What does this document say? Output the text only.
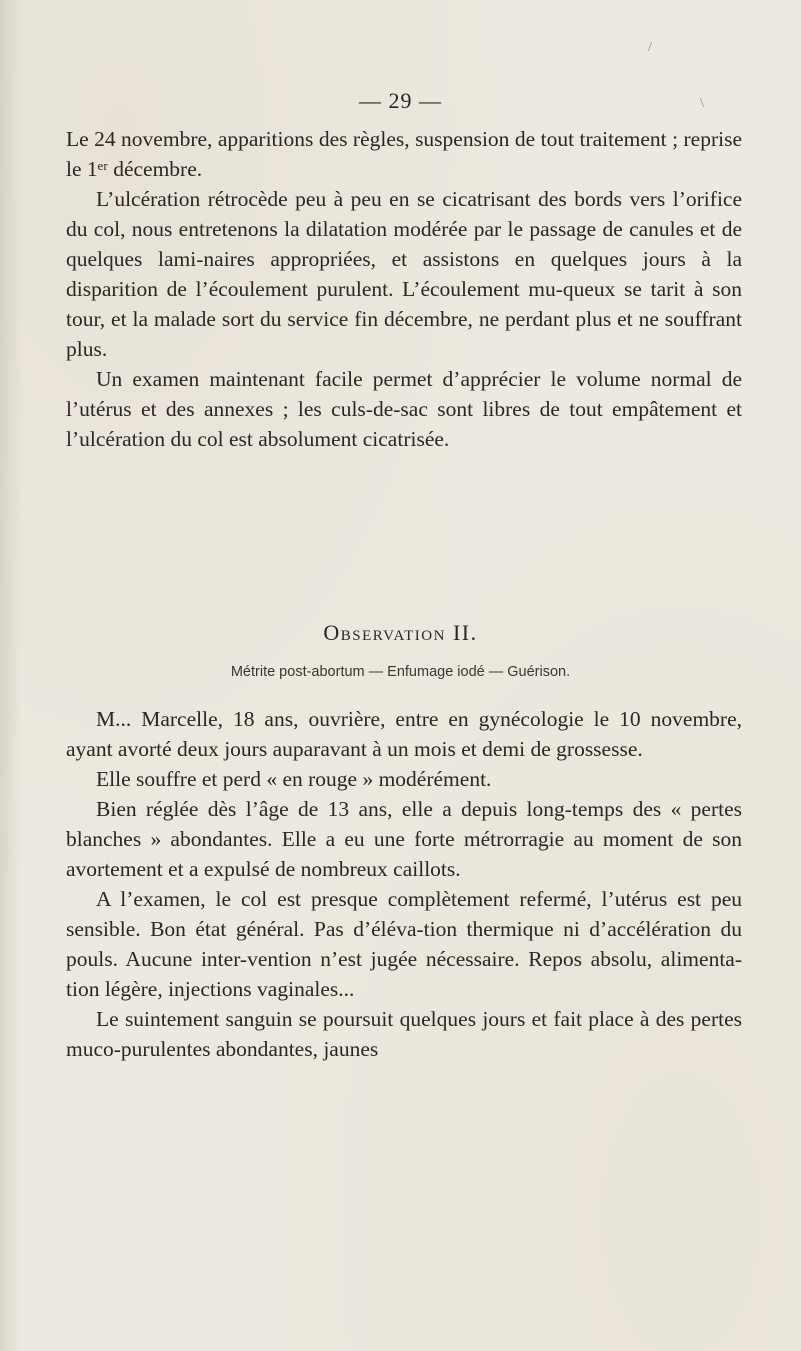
/
\
— 29 —

Le 24 novembre, apparitions des règles, suspension de tout traitement ; reprise le 1ᵉʳ décembre.

L’ulcération rétrocède peu à peu en se cicatrisant des bords vers l’orifice du col, nous entretenons la dilatation modérée par le passage de canules et de quelques lami-naires appropriées, et assistons en quelques jours à la disparition de l’écoulement purulent. L’écoulement mu-queux se tarit à son tour, et la malade sort du service fin décembre, ne perdant plus et ne souffrant plus.

Un examen maintenant facile permet d’apprécier le volume normal de l’utérus et des annexes ; les culs-de-sac sont libres de tout empâtement et l’ulcération du col est absolument cicatrisée.

Observation II.
Métrite post-abortum — Enfumage iodé — Guérison.

M... Marcelle, 18 ans, ouvrière, entre en gynécologie le 10 novembre, ayant avorté deux jours auparavant à un mois et demi de grossesse.

Elle souffre et perd « en rouge » modérément.

Bien réglée dès l’âge de 13 ans, elle a depuis long-temps des « pertes blanches » abondantes. Elle a eu une forte métrorragie au moment de son avortement et a expulsé de nombreux caillots.

A l’examen, le col est presque complètement refermé, l’utérus est peu sensible. Bon état général. Pas d’éléva-tion thermique ni d’accélération du pouls. Aucune inter-vention n’est jugée nécessaire. Repos absolu, alimenta-tion légère, injections vaginales...

Le suintement sanguin se poursuit quelques jours et fait place à des pertes muco-purulentes abondantes, jaunes
